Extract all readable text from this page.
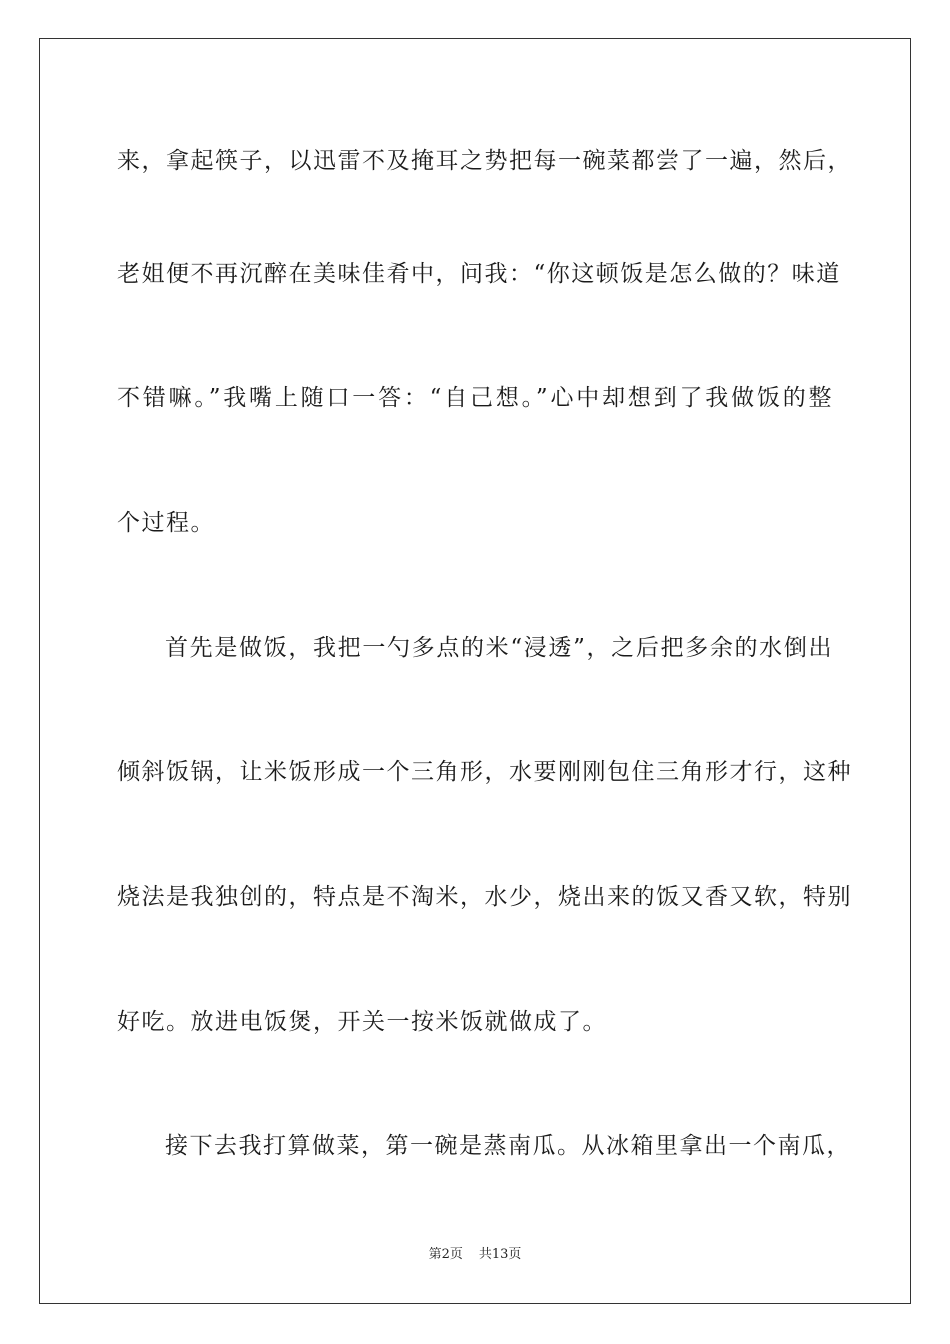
来，拿起筷子，以迅雷不及掩耳之势把每一碗菜都尝了一遍，然后，
老姐便不再沉醉在美味佳肴中，问我：“你这顿饭是怎么做的？味道
不错嘛。”我嘴上随口一答：“自己想。”心中却想到了我做饭的整
个过程。
首先是做饭，我把一勺多点的米“浸透”，之后把多余的水倒出
倾斜饭锅，让米饭形成一个三角形，水要刚刚包住三角形才行，这种
烧法是我独创的，特点是不淘米，水少，烧出来的饭又香又软，特别
好吃。放进电饭煲，开关一按米饭就做成了。
接下去我打算做菜，第一碗是蒸南瓜。从冰箱里拿出一个南瓜，
第2页 共13页
